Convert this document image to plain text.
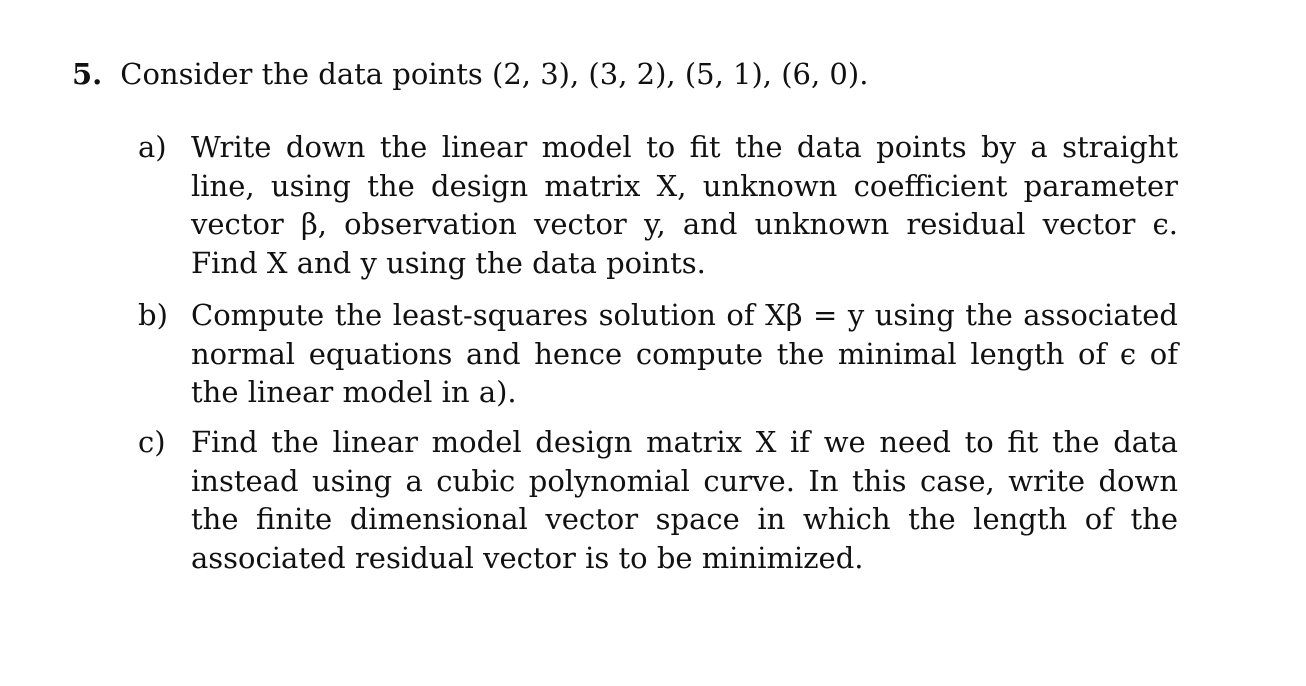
5. Consider the data points (2, 3), (3, 2), (5, 1), (6, 0).
a) Write down the linear model to fit the data points by a straight line, using the design matrix X, unknown coefficient parameter vector β, observation vector y, and unknown residual vector ϵ. Find X and y using the data points.
b) Compute the least-squares solution of Xβ = y using the associated normal equations and hence compute the minimal length of ϵ of the linear model in a).
c) Find the linear model design matrix X if we need to fit the data instead using a cubic polynomial curve. In this case, write down the finite dimensional vector space in which the length of the associated residual vector is to be minimized.
